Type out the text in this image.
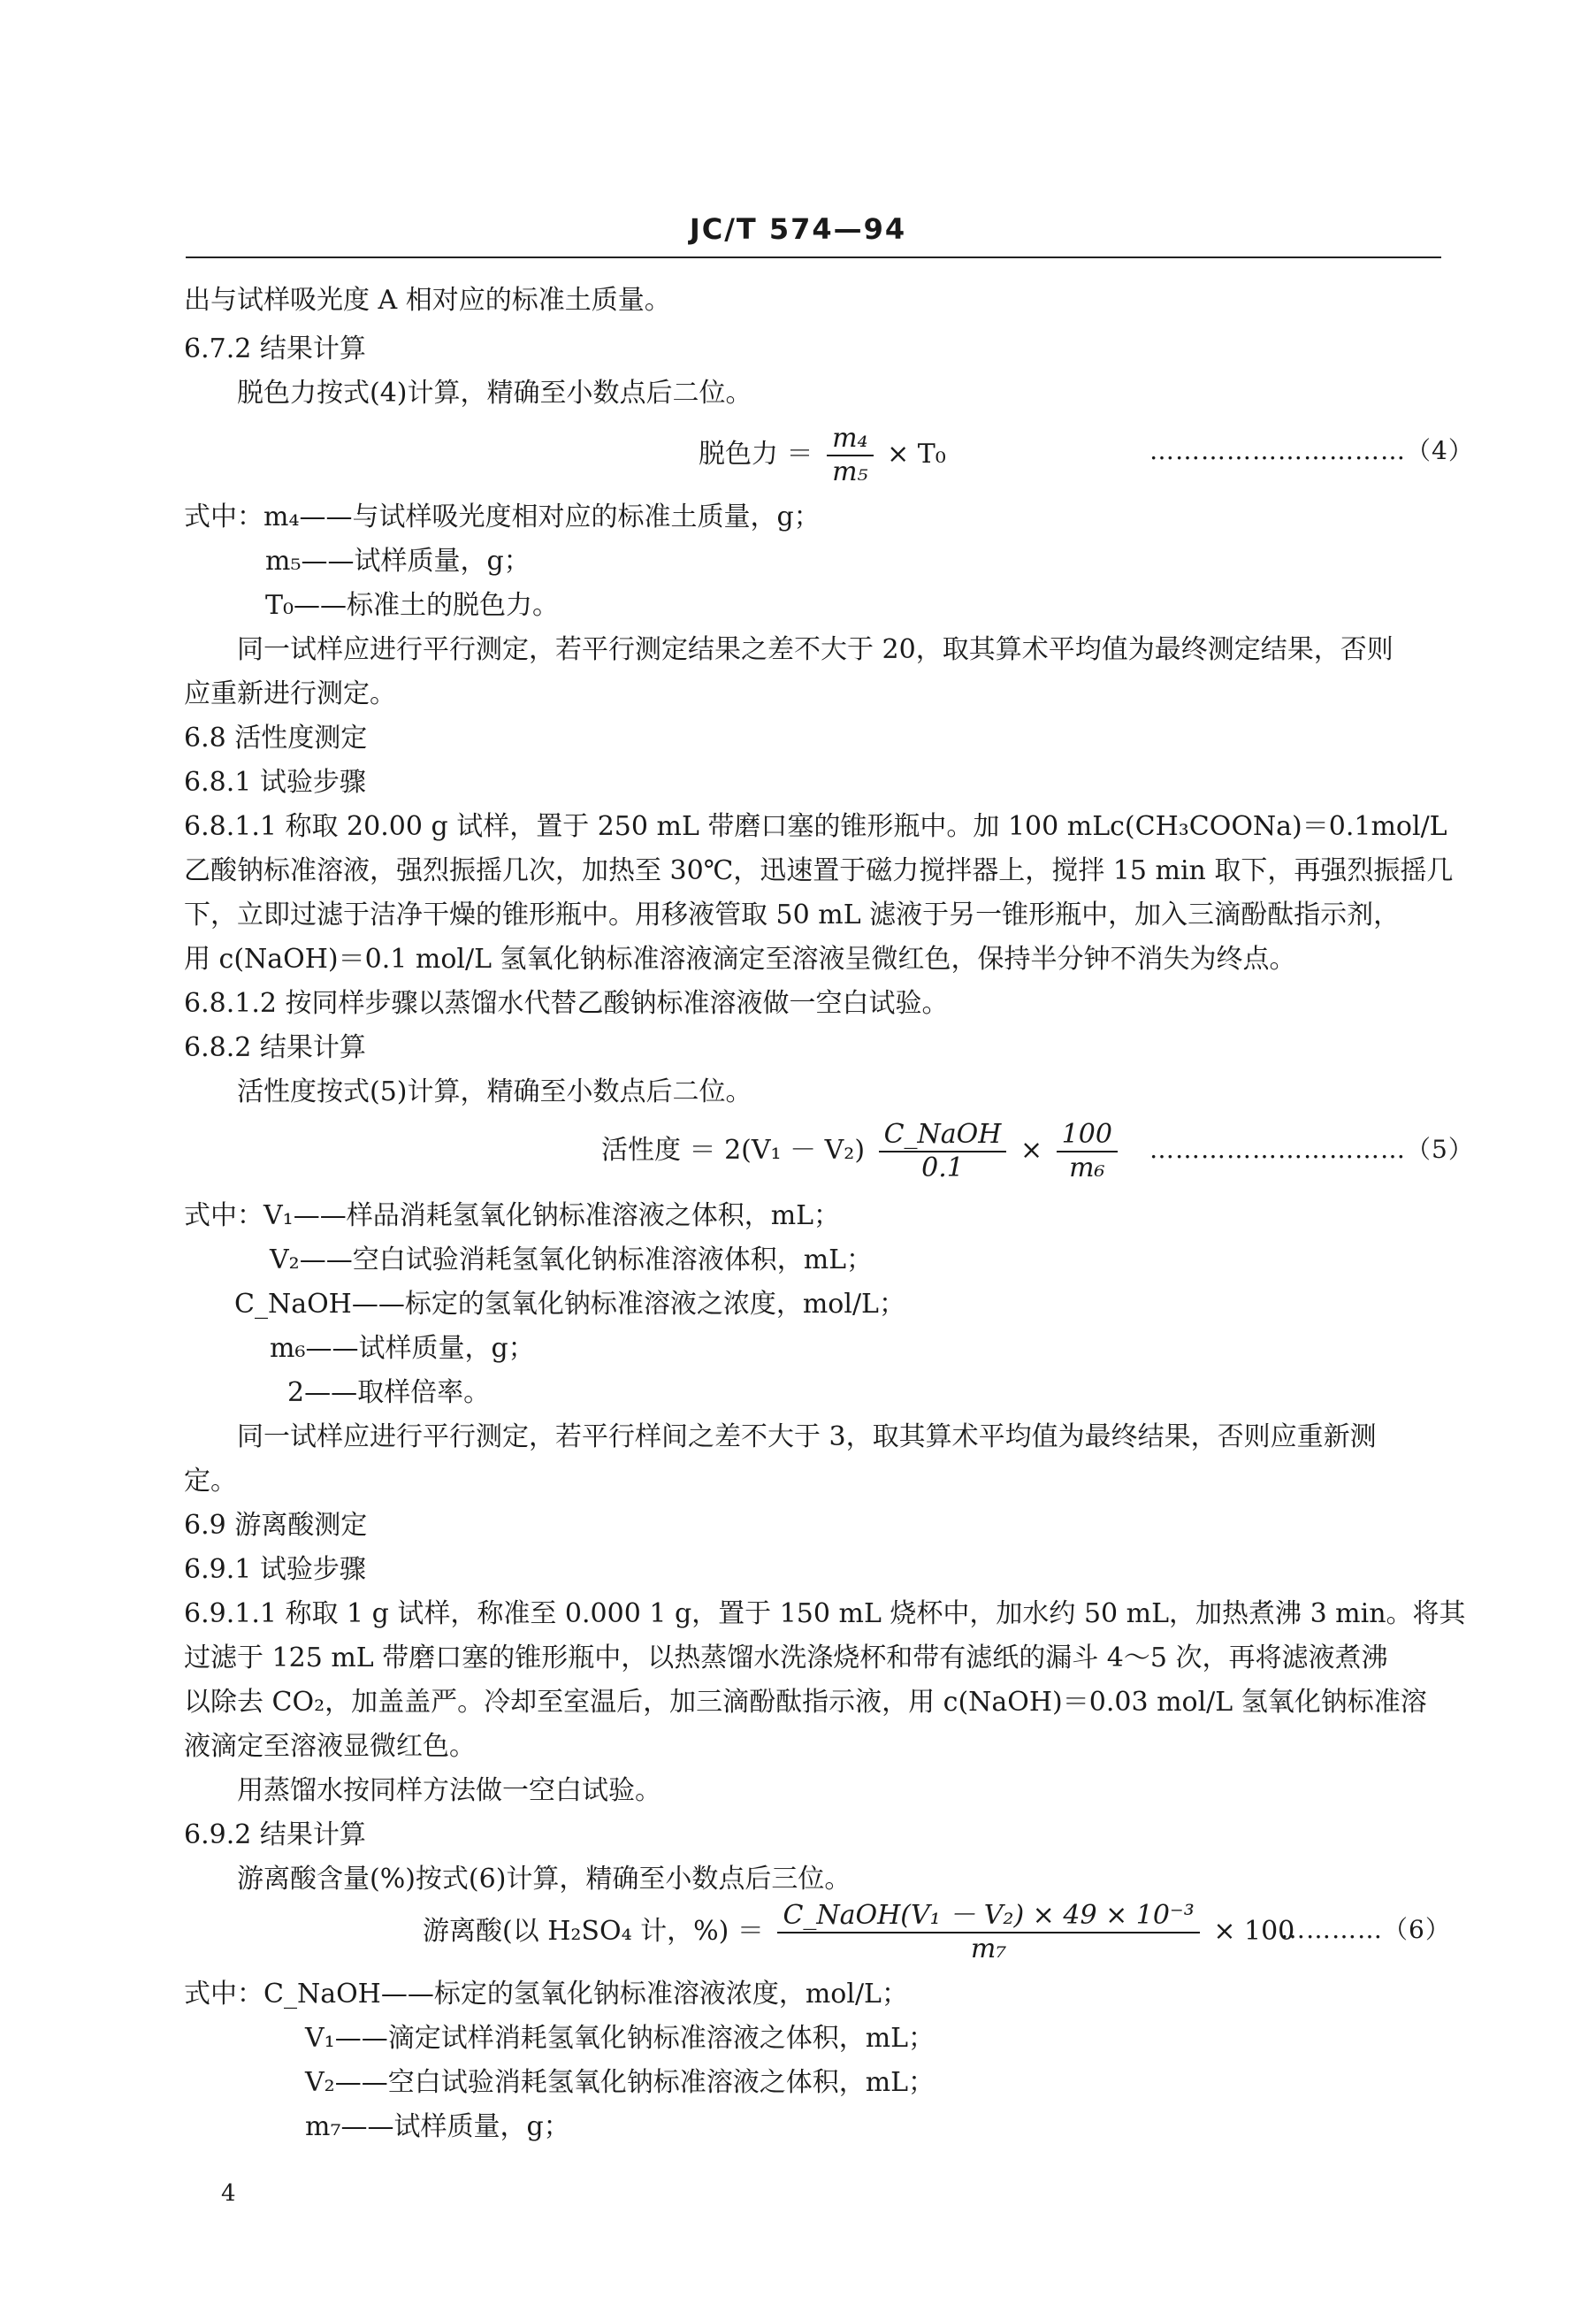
JC/T 574—94
出与试样吸光度 A 相对应的标准土质量。
6.7.2 结果计算
脱色力按式(4)计算，精确至小数点后二位。
脱色力 ＝ $\frac{\text{m₄}}{\text{m₅}} \times T_0$	…………………………（4）
式中：m₄——与试样吸光度相对应的标准土质量，g；
m₅——试样质量，g；
T₀——标准土的脱色力。
同一试样应进行平行测定，若平行测定结果之差不大于 20，取其算术平均值为最终测定结果，否则
应重新进行测定。
6.8 活性度测定
6.8.1 试验步骤
6.8.1.1 称取 20.00 g 试样，置于 250 mL 带磨口塞的锥形瓶中。加 100 mLc(CH₃COONa)＝0.1mol/L
乙酸钠标准溶液，强烈振摇几次，加热至 30℃，迅速置于磁力搅拌器上，搅拌 15 min 取下，再强烈振摇几
下，立即过滤于洁净干燥的锥形瓶中。用移液管取 50 mL 滤液于另一锥形瓶中，加入三滴酚酞指示剂，
用 c(NaOH)＝0.1 mol/L 氢氧化钠标准溶液滴定至溶液呈微红色，保持半分钟不消失为终点。
6.8.1.2 按同样步骤以蒸馏水代替乙酸钠标准溶液做一空白试验。
6.8.2 结果计算
活性度按式(5)计算，精确至小数点后二位。
活性度 ＝ $2(V_1 - V_2) \frac{\text{C\_NaOH}}{0.1} \times \frac{100}{\text{m₆}}$ …………………………（5）
式中：V₁——样品消耗氢氧化钠标准溶液之体积，mL；
V₂——空白试验消耗氢氧化钠标准溶液体积，mL；
C_NaOH——标定的氢氧化钠标准溶液之浓度，mol/L；
m₆——试样质量，g；
2——取样倍率。
同一试样应进行平行测定，若平行样间之差不大于 3，取其算术平均值为最终结果，否则应重新测
定。
6.9 游离酸测定
6.9.1 试验步骤
6.9.1.1 称取 1 g 试样，称准至 0.000 1 g，置于 150 mL 烧杯中，加水约 50 mL，加热煮沸 3 min。将其
过滤于 125 mL 带磨口塞的锥形瓶中，以热蒸馏水洗涤烧杯和带有滤纸的漏斗 4～5 次，再将滤液煮沸
以除去 CO₂，加盖盖严。冷却至室温后，加三滴酚酞指示液，用 c(NaOH)＝0.03 mol/L 氢氧化钠标准溶
液滴定至溶液显微红色。
用蒸馏水按同样方法做一空白试验。
6.9.2 结果计算
游离酸含量(%)按式(6)计算，精确至小数点后三位。
游离酸(以 H₂SO₄ 计，%) ＝ $\frac{\text{C\_NaOH(V₁ － V₂) × 49 × 10⁻³}}{\text{m₇}} \times 100$
…………（6）
式中：C_NaOH——标定的氢氧化钠标准溶液浓度，mol/L；
V₁——滴定试样消耗氢氧化钠标准溶液之体积，mL；
V₂——空白试验消耗氢氧化钠标准溶液之体积，mL；
m₇——试样质量，g；
4
